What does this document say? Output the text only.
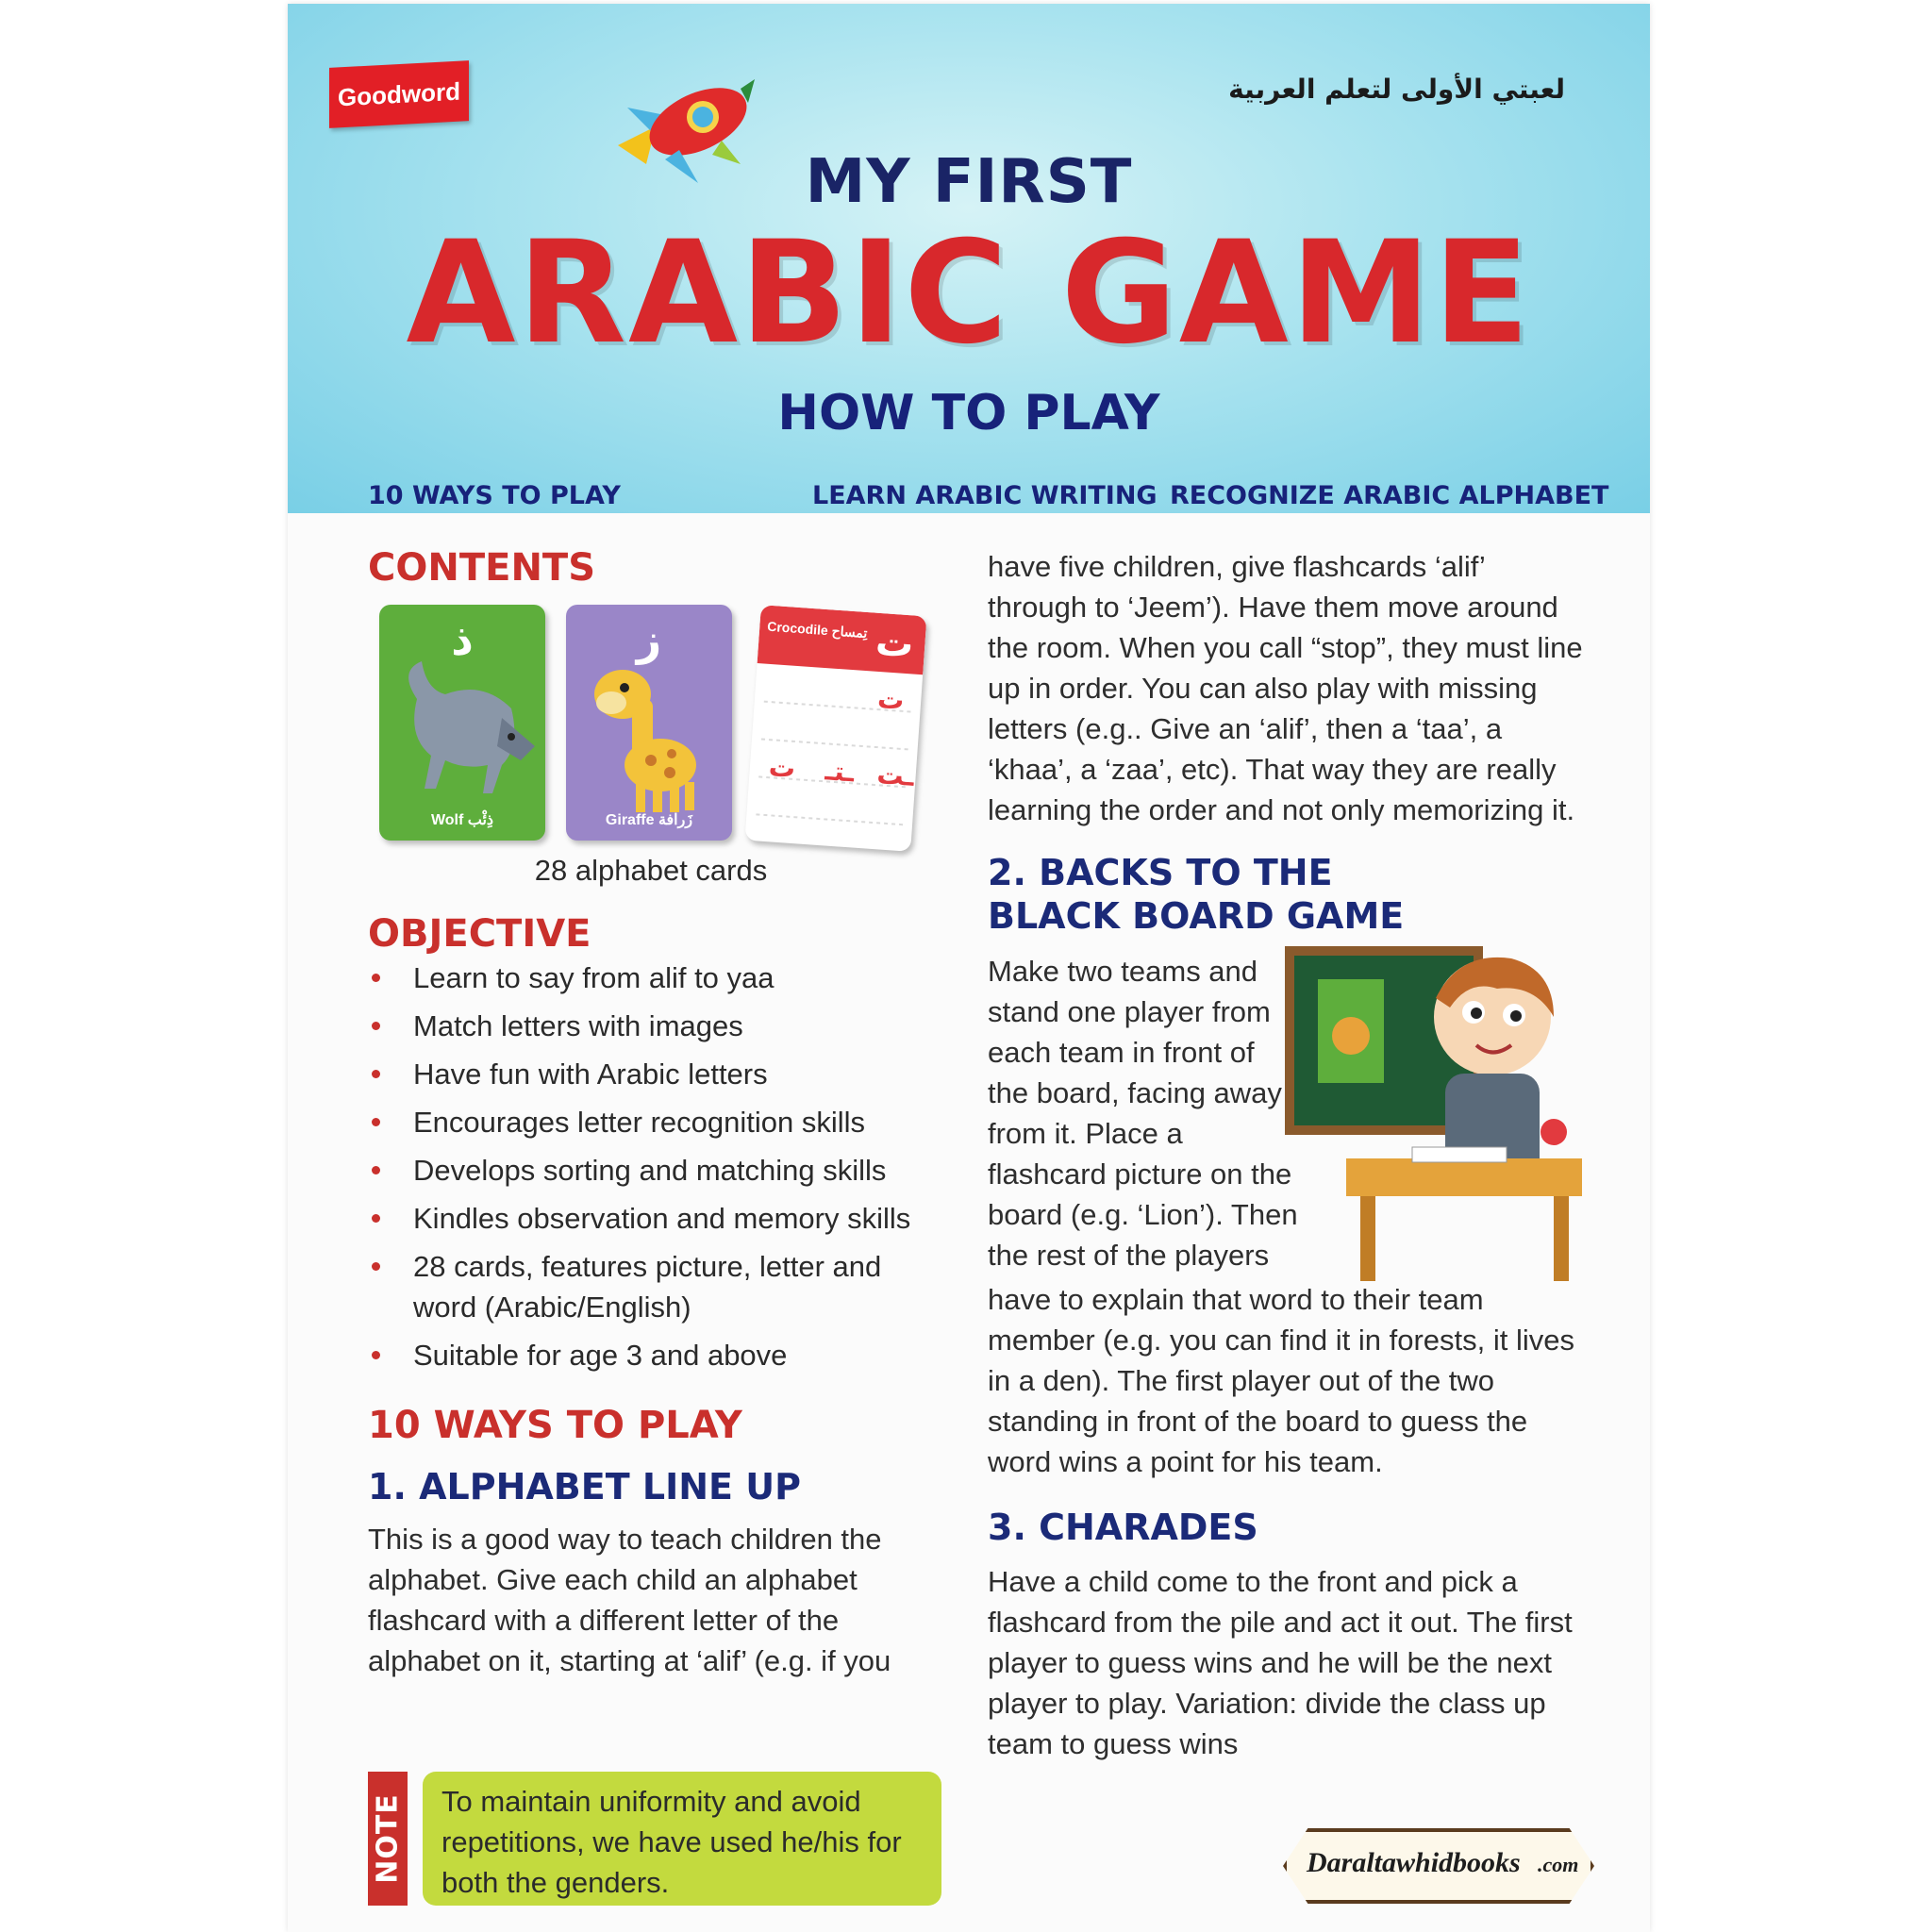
Goodword	لعبتي الأولى لتعلم العربية
MY FIRST
ARABIC GAME
HOW TO PLAY
10 WAYS TO PLAY	LEARN ARABIC WRITING RECOGNIZE ARABIC ALPHABET
CONTENTS
ذ
Wolf ذِئْب
ز
Giraffe زَرافة
Crocodile تِمساح ت
ت
ت ـتـ ـت
28 alphabet cards
OBJECTIVE
Learn to say from alif to yaa
Match letters with images
Have fun with Arabic letters
Encourages letter recognition skills
Develops sorting and matching skills
Kindles observation and memory skills
28 cards, features picture, letter and word (Arabic/English)
Suitable for age 3 and above
10 WAYS TO PLAY
1. ALPHABET LINE UP
This is a good way to teach children the alphabet. Give each child an alphabet flashcard with a different letter of the alphabet on it, starting at ‘alif’ (e.g. if you
NOTE	To maintain uniformity and avoid repetitions, we have used he/his for both the genders.
have five children, give flashcards ‘alif’ through to ‘Jeem’). Have them move around the room. When you call “stop”, they must line up in order. You can also play with missing letters (e.g.. Give an ‘alif’, then a ‘taa’, a ‘khaa’, a ‘zaa’, etc). That way they are really learning the order and not only memorizing it.
2. BACKS TO THE BLACK BOARD GAME
Make two teams and stand one player from each team in front of the board, facing away from it. Place a flashcard picture on the board (e.g. ‘Lion’). Then the rest of the players
have to explain that word to their team member (e.g. you can find it in forests, it lives in a den). The first player out of the two standing in front of the board to guess the word wins a point for his team.
3. CHARADES
Have a child come to the front and pick a flashcard from the pile and act it out. The first player to guess wins and he will be the next player to play. Variation: divide the class up team to guess wins
Daraltawhidbooks .com
